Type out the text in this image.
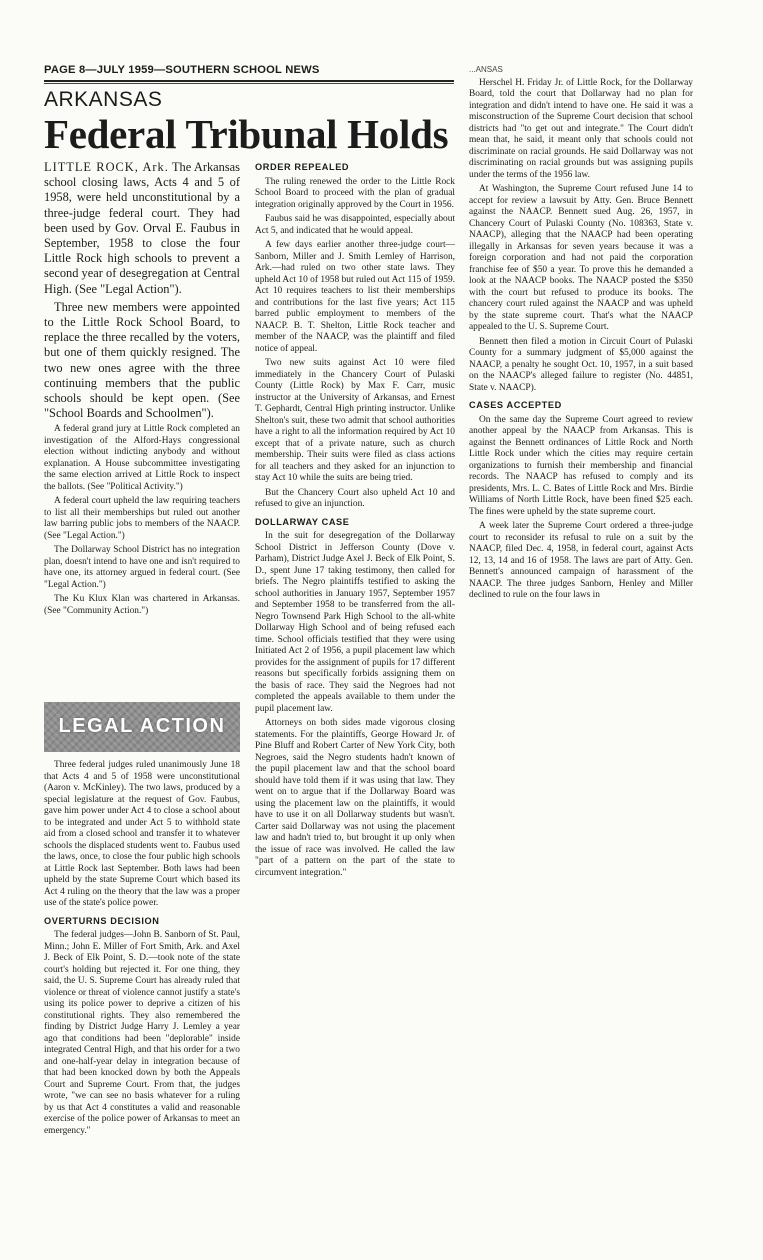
PAGE 8—JULY 1959—SOUTHERN SCHOOL NEWS
ARKANSAS
Federal Tribunal Holds

LITTLE ROCK, Ark. The Arkansas school closing laws, Acts 4 and 5 of 1958, were held unconstitutional by a three-judge federal court. They had been used by Gov. Orval E. Faubus in September, 1958 to close the four Little Rock high schools to prevent a second year of desegregation at Central High. (See "Legal Action").

Three new members were appointed to the Little Rock School Board, to replace the three recalled by the voters, but one of them quickly resigned. The two new ones agree with the three continuing members that the public schools should be kept open. (See "School Boards and Schoolmen").

A federal grand jury at Little Rock completed an investigation of the Alford-Hays congressional election without indicting anybody and without explanation. A House subcommittee investigating the same election arrived at Little Rock to inspect the ballots. (See "Political Activity.")

A federal court upheld the law requiring teachers to list all their memberships but ruled out another law barring public jobs to members of the NAACP. (See "Legal Action.")

The Dollarway School District has no integration plan, doesn't intend to have one and isn't required to have one, its attorney argued in federal court. (See "Legal Action.")

The Ku Klux Klan was chartered in Arkansas. (See "Community Action.")

LEGAL ACTION

Three federal judges ruled unanimously June 18 that Acts 4 and 5 of 1958 were unconstitutional (Aaron v. McKinley). The two laws, produced by a special legislature at the request of Gov. Faubus, gave him power under Act 4 to close a school about to be integrated and under Act 5 to withhold state aid from a closed school and transfer it to whatever schools the displaced students went to. Faubus used the laws, once, to close the four public high schools at Little Rock last September. Both laws had been upheld by the state Supreme Court which based its Act 4 ruling on the theory that the law was a proper use of the state's police power.

OVERTURNS DECISION

The federal judges—John B. Sanborn of St. Paul, Minn.; John E. Miller of Fort Smith, Ark. and Axel J. Beck of Elk Point, S. D.—took note of the state court's holding but rejected it. For one thing, they said, the U. S. Supreme Court has already ruled that violence or threat of violence cannot justify a state's using its police power to deprive a citizen of his constitutional rights. They also remembered the finding by District Judge Harry J. Lemley a year ago that conditions had been "deplorable" inside integrated Central High, and that his order for a two and one-half-year delay in integration because of that had been knocked down by both the Appeals Court and Supreme Court. From that, the judges wrote, "we can see no basis whatever for a ruling by us that Act 4 constitutes a valid and reasonable exercise of the police power of Arkansas to meet an emergency."

ORDER REPEALED

The ruling renewed the order to the Little Rock School Board to proceed with the plan of gradual integration originally approved by the Court in 1956.

Faubus said he was disappointed, especially about Act 5, and indicated that he would appeal.

A few days earlier another three-judge court—Sanborn, Miller and J. Smith Lemley of Harrison, Ark.—had ruled on two other state laws. They upheld Act 10 of 1958 but ruled out Act 115 of 1959. Act 10 requires teachers to list their memberships and contributions for the last five years; Act 115 barred public employment to members of the NAACP. B. T. Shelton, Little Rock teacher and member of the NAACP, was the plaintiff and filed notice of appeal.

Two new suits against Act 10 were filed immediately in the Chancery Court of Pulaski County (Little Rock) by Max F. Carr, music instructor at the University of Arkansas, and Ernest T. Gephardt, Central High printing instructor. Unlike Shelton's suit, these two admit that school authorities have a right to all the information required by Act 10 except that of a private nature, such as church membership. Their suits were filed as class actions for all teachers and they asked for an injunction to stay Act 10 while the suits are being tried.

But the Chancery Court also upheld Act 10 and refused to give an injunction.

DOLLARWAY CASE

In the suit for desegregation of the Dollarway School District in Jefferson County (Dove v. Parham), District Judge Axel J. Beck of Elk Point, S. D., spent June 17 taking testimony, then called for briefs. The Negro plaintiffs testified to asking the school authorities in January 1957, September 1957 and September 1958 to be transferred from the all-Negro Townsend Park High School to the all-white Dollarway High School and of being refused each time. School officials testified that they were using Initiated Act 2 of 1956, a pupil placement law which provides for the assignment of pupils for 17 different reasons but specifically forbids assigning them on the basis of race. They said the Negroes had not completed the appeals available to them under the pupil placement law.

Attorneys on both sides made vigorous closing statements. For the plaintiffs, George Howard Jr. of Pine Bluff and Robert Carter of New York City, both Negroes, said the Negro students hadn't known of the pupil placement law and that the school board should have told them if it was using that law. They went on to argue that if the Dollarway Board was using the placement law on the plaintiffs, it would have to use it on all Dollarway students but wasn't. Carter said Dollarway was not using the placement law and hadn't tried to, but brought it up only when the issue of race was involved. He called the law "part of a pattern on the part of the state to circumvent integration."

...ANSAS

Herschel H. Friday Jr. of Little Rock, for the Dollarway Board, told the court that Dollarway had no plan for integration and didn't intend to have one. He said it was a misconstruction of the Supreme Court decision that school districts had "to get out and integrate." The Court didn't mean that, he said, it meant only that schools could not discriminate on racial grounds. He said Dollarway was not discriminating on racial grounds but was assigning pupils under the terms of the 1956 law.

At Washington, the Supreme Court refused June 14 to accept for review a lawsuit by Atty. Gen. Bruce Bennett against the NAACP. Bennett sued Aug. 26, 1957, in Chancery Court of Pulaski County (No. 108363, State v. NAACP), alleging that the NAACP had been operating illegally in Arkansas for seven years because it was a foreign corporation and had not paid the corporation franchise fee of $50 a year. To prove this he demanded a look at the NAACP books. The NAACP posted the $350 with the court but refused to produce its books. The chancery court ruled against the NAACP and was upheld by the state supreme court. That's what the NAACP appealed to the U. S. Supreme Court.

Bennett then filed a motion in Circuit Court of Pulaski County for a summary judgment of $5,000 against the NAACP, a penalty he sought Oct. 10, 1957, in a suit based on the NAACP's alleged failure to register (No. 44851, State v. NAACP).

CASES ACCEPTED

On the same day the Supreme Court agreed to review another appeal by the NAACP from Arkansas. This is against the Bennett ordinances of Little Rock and North Little Rock under which the cities may require certain organizations to furnish their membership and financial records. The NAACP has refused to comply and its presidents, Mrs. L. C. Bates of Little Rock and Mrs. Birdie Williams of North Little Rock, have been fined $25 each. The fines were upheld by the state supreme court.

A week later the Supreme Court ordered a three-judge court to reconsider its refusal to rule on a suit by the NAACP, filed Dec. 4, 1958, in federal court, against Acts 12, 13, 14 and 16 of 1958. The laws are part of Atty. Gen. Bennett's announced campaign of harassment of the NAACP. The three judges Sanborn, Henley and Miller declined to rule on the four laws in
